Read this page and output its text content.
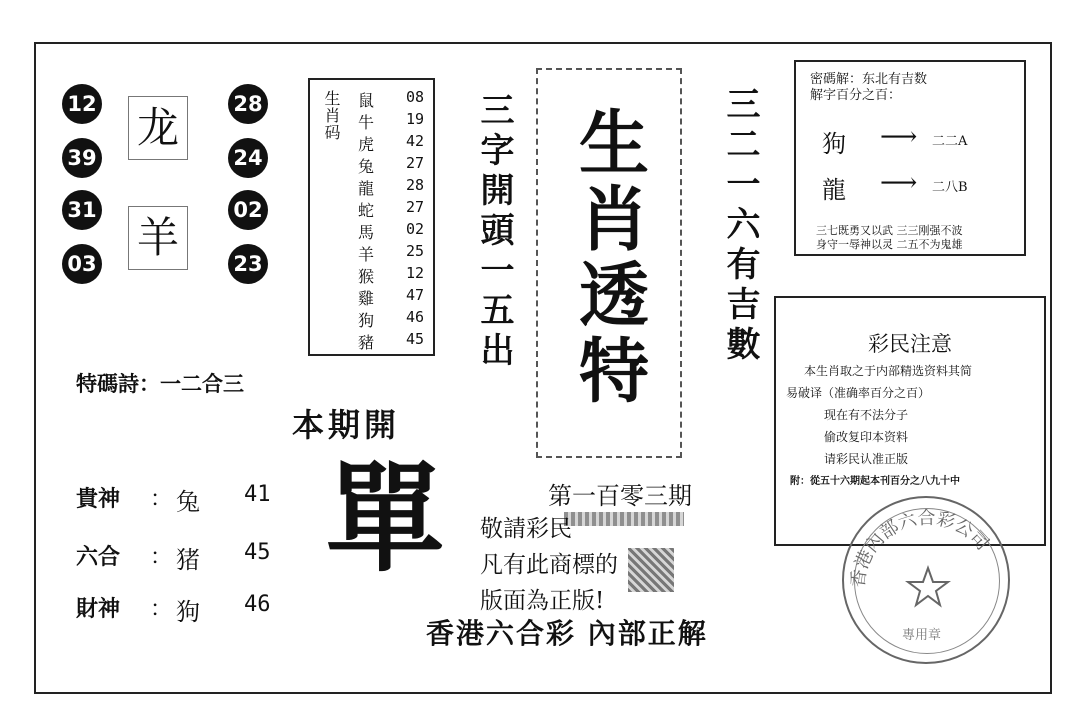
12
39
31
03
28
24
02
23
龙
羊
生肖码 鼠 08
牛 19
虎 42
兔 27
龍 28
蛇 27
馬 02
羊 25
猴 12
雞 47
狗 46
豬 45 三字開頭一五出	三二一六有吉數
生肖透特
密碼解：东北有吉数
解字百分之百：
狗 ⟶ 二二A
龍 ⟶ 二八B
三七既勇又以武 三三刚强不波
身守一辱神以灵 二五不为鬼雄
彩民注意
本生肖取之于内部精选资料其简
易破译（准确率百分之百）
现在有不法分子
偷改复印本资料
请彩民认准正版
附：從五十六期起本刊百分之八九十中
特碼詩：一二合三
本期開
單
貴神 ： 兔 41
六合 ： 猪 45
財神 ： 狗 46
第一百零三期
敬請彩民
凡有此商標的
版面為正版!
香港六合彩 內部正解
香港內部六合彩公司
專用章
